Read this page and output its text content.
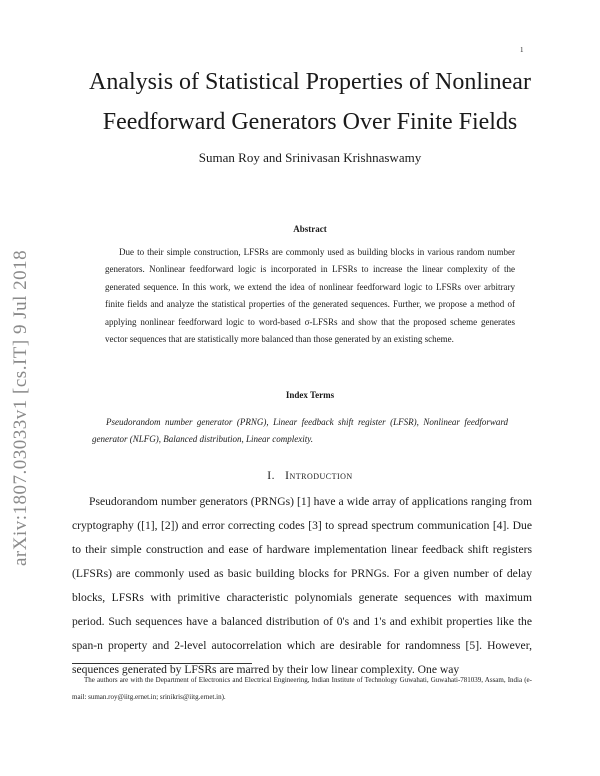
1
arXiv:1807.03033v1 [cs.IT] 9 Jul 2018
Analysis of Statistical Properties of Nonlinear Feedforward Generators Over Finite Fields
Suman Roy and Srinivasan Krishnaswamy
Abstract
Due to their simple construction, LFSRs are commonly used as building blocks in various random number generators. Nonlinear feedforward logic is incorporated in LFSRs to increase the linear complexity of the generated sequence. In this work, we extend the idea of nonlinear feedforward logic to LFSRs over arbitrary finite fields and analyze the statistical properties of the generated sequences. Further, we propose a method of applying nonlinear feedforward logic to word-based σ-LFSRs and show that the proposed scheme generates vector sequences that are statistically more balanced than those generated by an existing scheme.
Index Terms
Pseudorandom number generator (PRNG), Linear feedback shift register (LFSR), Nonlinear feedforward generator (NLFG), Balanced distribution, Linear complexity.
I. Introduction
Pseudorandom number generators (PRNGs) [1] have a wide array of applications ranging from cryptography ([1], [2]) and error correcting codes [3] to spread spectrum communication [4]. Due to their simple construction and ease of hardware implementation linear feedback shift registers (LFSRs) are commonly used as basic building blocks for PRNGs. For a given number of delay blocks, LFSRs with primitive characteristic polynomials generate sequences with maximum period. Such sequences have a balanced distribution of 0's and 1's and exhibit properties like the span-n property and 2-level autocorrelation which are desirable for randomness [5]. However, sequences generated by LFSRs are marred by their low linear complexity. One way
The authors are with the Department of Electronics and Electrical Engineering, Indian Institute of Technology Guwahati, Guwahati-781039, Assam, India (e-mail: suman.roy@iitg.ernet.in; srinikris@iitg.ernet.in).
